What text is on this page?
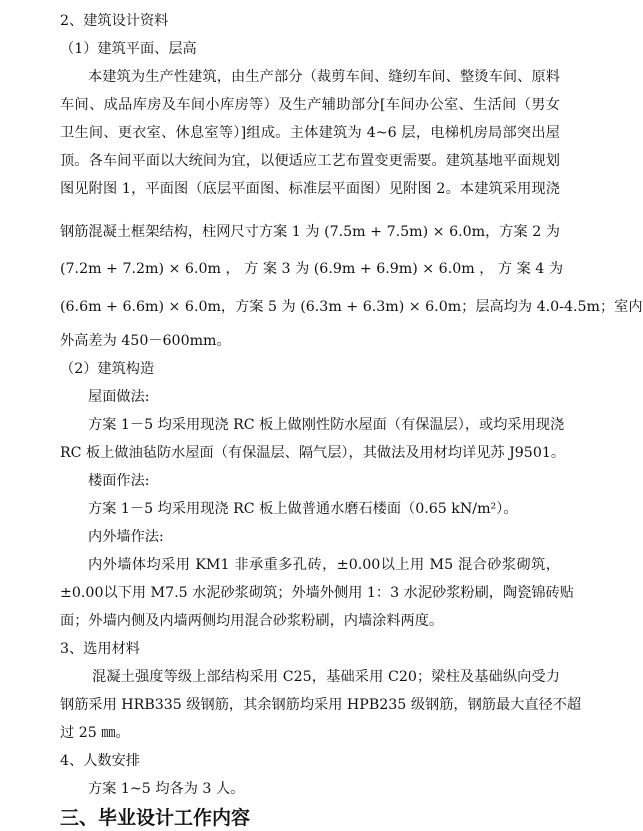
2、建筑设计资料
（1）建筑平面、层高
本建筑为生产性建筑，由生产部分（裁剪车间、缝纫车间、整烫车间、原料
车间、成品库房及车间小库房等）及生产辅助部分[车间办公室、生活间（男女
卫生间、更衣室、休息室等）]组成。主体建筑为 4~6 层，电梯机房局部突出屋
顶。各车间平面以大统间为宜，以便适应工艺布置变更需要。建筑基地平面规划
图见附图 1，平面图（底层平面图、标准层平面图）见附图 2。本建筑采用现浇
钢筋混凝土框架结构，柱网尺寸方案 1 为 (7.5m + 7.5m) × 6.0m，方案 2 为
(7.2m + 7.2m) × 6.0m ， 方 案 3 为 (6.9m + 6.9m) × 6.0m ， 方 案 4 为
(6.6m + 6.6m) × 6.0m，方案 5 为 (6.3m + 6.3m) × 6.0m；层高均为 4.0-4.5m；室内
外高差为 450－600mm。
（2）建筑构造
屋面做法:
方案 1－5 均采用现浇 RC 板上做刚性防水屋面（有保温层），或均采用现浇
RC 板上做油毡防水屋面（有保温层、隔气层），其做法及用材均详见苏 J9501。
楼面作法:
方案 1－5 均采用现浇 RC 板上做普通水磨石楼面（0.65 kN/m²）。
内外墙作法:
内外墙体均采用 KM1 非承重多孔砖，±0.00以上用 M5 混合砂浆砌筑，
±0.00以下用 M7.5 水泥砂浆砌筑；外墙外侧用 1：3 水泥砂浆粉刷，陶瓷锦砖贴
面；外墙内侧及内墙两侧均用混合砂浆粉刷，内墙涂料两度。
3、选用材料
混凝土强度等级上部结构采用 C25，基础采用 C20；梁柱及基础纵向受力
钢筋采用 HRB335 级钢筋，其余钢筋均采用 HPB235 级钢筋，钢筋最大直径不超
过 25 ㎜。
4、人数安排
方案 1~5 均各为 3 人。
三、毕业设计工作内容
